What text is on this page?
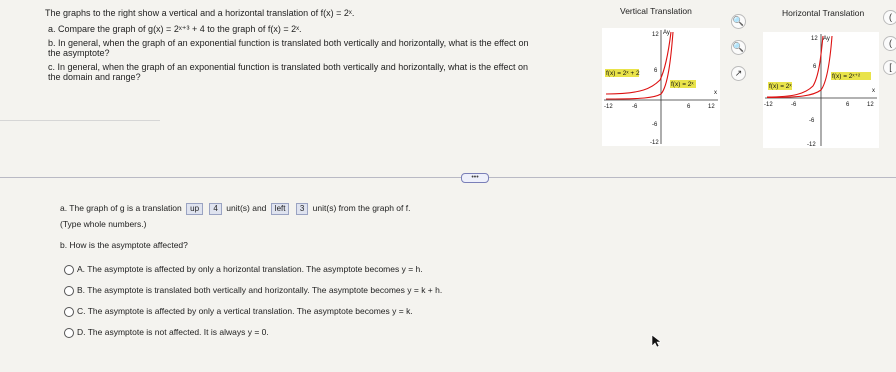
The graphs to the right show a vertical and a horizontal translation of f(x) = 2ˣ.
a. Compare the graph of g(x) = 2ˣ⁺³ + 4 to the graph of f(x) = 2ˣ.
b. In general, when the graph of an exponential function is translated both vertically and horizontally, what is the effect on
the asymptote?
c. In general, when the graph of an exponential function is translated both vertically and horizontally, what is the effect on
the domain and range?
Vertical Translation	Horizontal Translation
🔍
🔍
↗
(
(
[
f(x) = 2ˣ + 2
f(x) = 2ˣ
12
6
-12	-6	6	12
-6
-12
x
Ay
f(x) = 2ˣ
f(x) = 2ˣ⁺²
12
6
-12	-6	6	12
-6
-12
x
Ay
•••
a. The graph of g is a translation up 4 unit(s) and left 3 unit(s) from the graph of f.
(Type whole numbers.)
b. How is the asymptote affected?
A. The asymptote is affected by only a horizontal translation. The asymptote becomes y = h.
B. The asymptote is translated both vertically and horizontally. The asymptote becomes y = k + h.
C. The asymptote is affected by only a vertical translation. The asymptote becomes y = k.
D. The asymptote is not affected. It is always y = 0.
